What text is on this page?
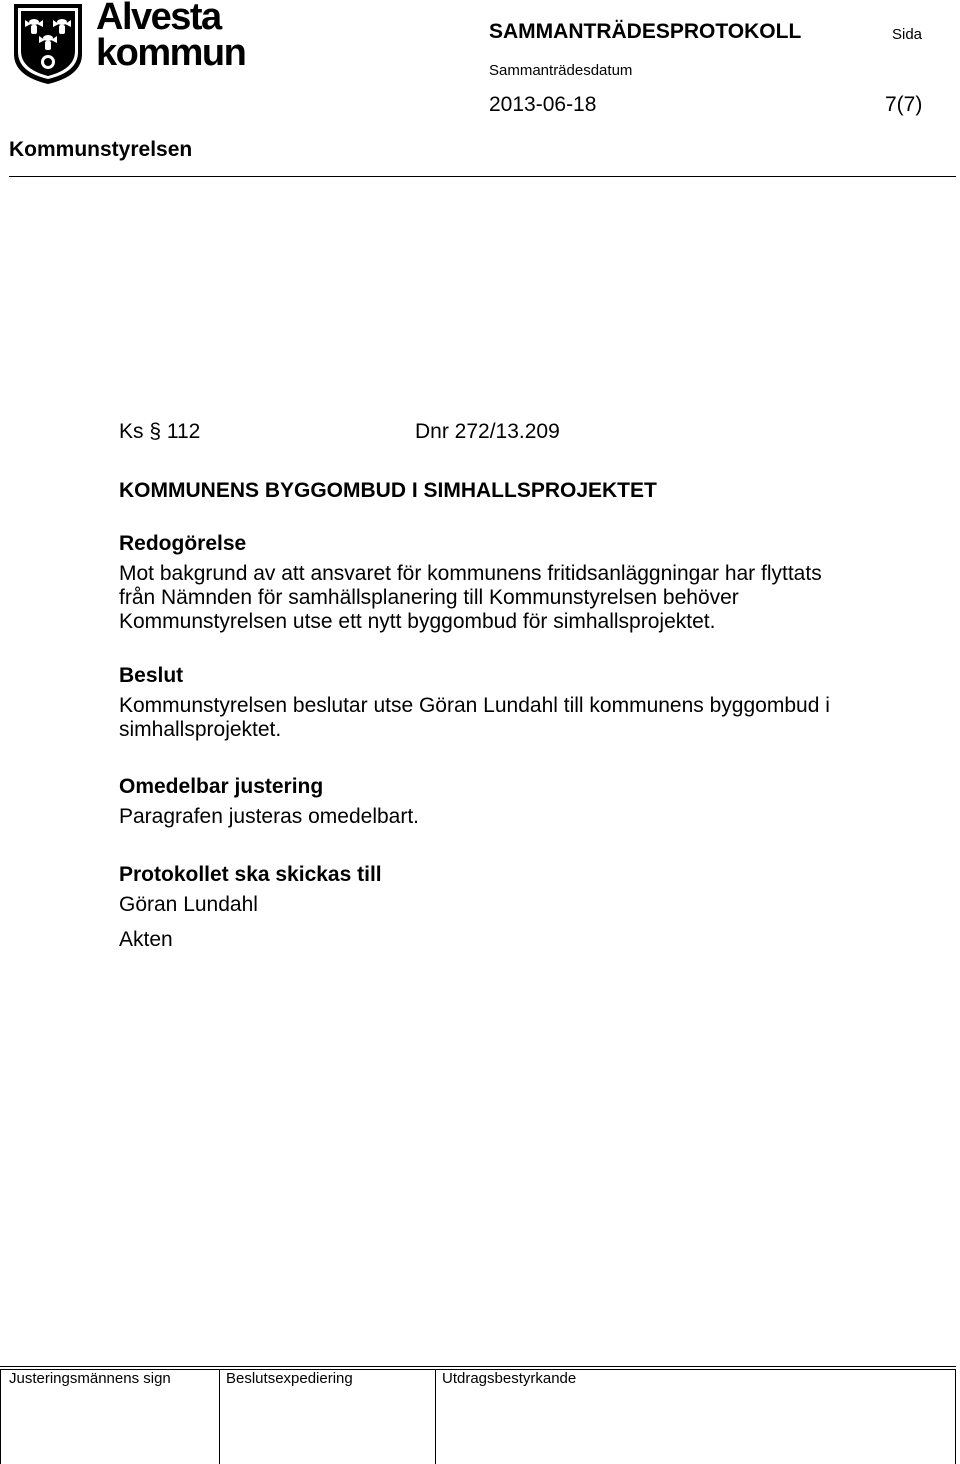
Alvesta
kommun
SAMMANTRÄDESPROTOKOLL	Sida
Sammanträdesdatum
2013-06-18	7(7)
Kommunstyrelsen
Ks § 112	Dnr 272/13.209
KOMMUNENS BYGGOMBUD I SIMHALLSPROJEKTET
Redogörelse

Mot bakgrund av att ansvaret för kommunens fritidsanläggningar har flyttats från Nämnden för samhällsplanering till Kommunstyrelsen behöver Kommunstyrelsen utse ett nytt byggombud för simhallsprojektet.

Beslut

Kommunstyrelsen beslutar utse Göran Lundahl till kommunens byggombud i simhallsprojektet.

Omedelbar justering

Paragrafen justeras omedelbart.

Protokollet ska skickas till

Göran Lundahl

Akten

Justeringsmännens sign	Beslutsexpediering	Utdragsbestyrkande
